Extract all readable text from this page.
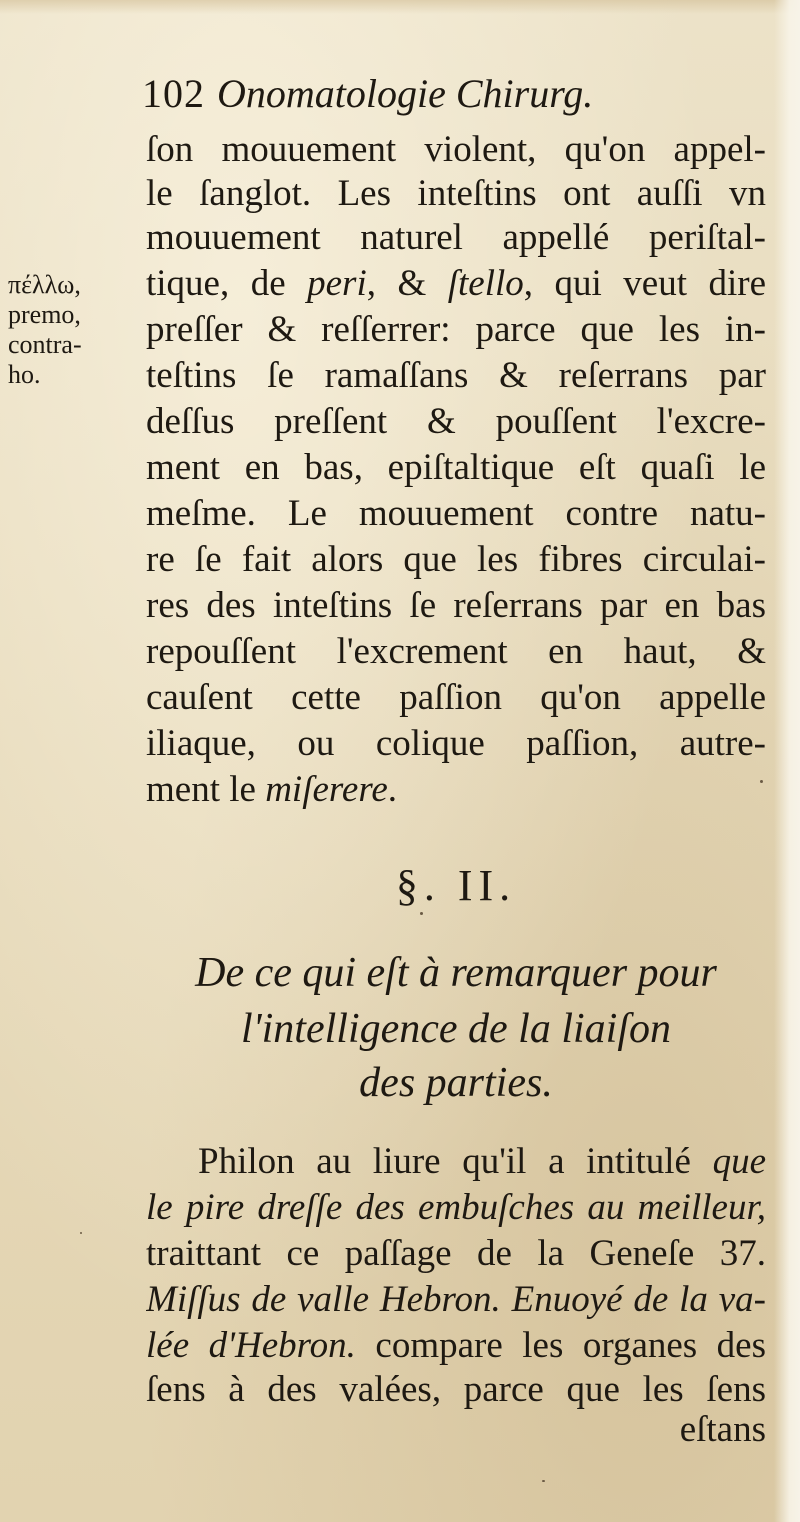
102 Onomatologie Chirurg.
πέλλω,
premo,
contra-
ho.
ſon mouuement violent, qu'on appel-
le ſanglot. Les inteſtins ont auſſi vn
mouuement naturel appellé periſtal-
tique, de peri, & ſtello, qui veut dire
preſſer & reſſerrer: parce que les in-
teſtins ſe ramaſſans & reſerrans par
deſſus preſſent & pouſſent l'excre-
ment en bas, epiſtaltique eſt quaſi le
meſme. Le mouuement contre natu-
re ſe fait alors que les fibres circulai-
res des inteſtins ſe reſerrans par en bas
repouſſent l'excrement en haut, &
cauſent cette paſſion qu'on appelle
iliaque, ou colique paſſion, autre-
ment le miſerere.
§. II.
De ce qui eſt à remarquer pour
l'intelligence de la liaiſon
des parties.
Philon au liure qu'il a intitulé que
le pire dreſſe des embuſches au meilleur,
traittant ce paſſage de la Geneſe 37.
Miſſus de valle Hebron. Enuoyé de la va-
lée d'Hebron. compare les organes des
ſens à des valées, parce que les ſens
eſtans
